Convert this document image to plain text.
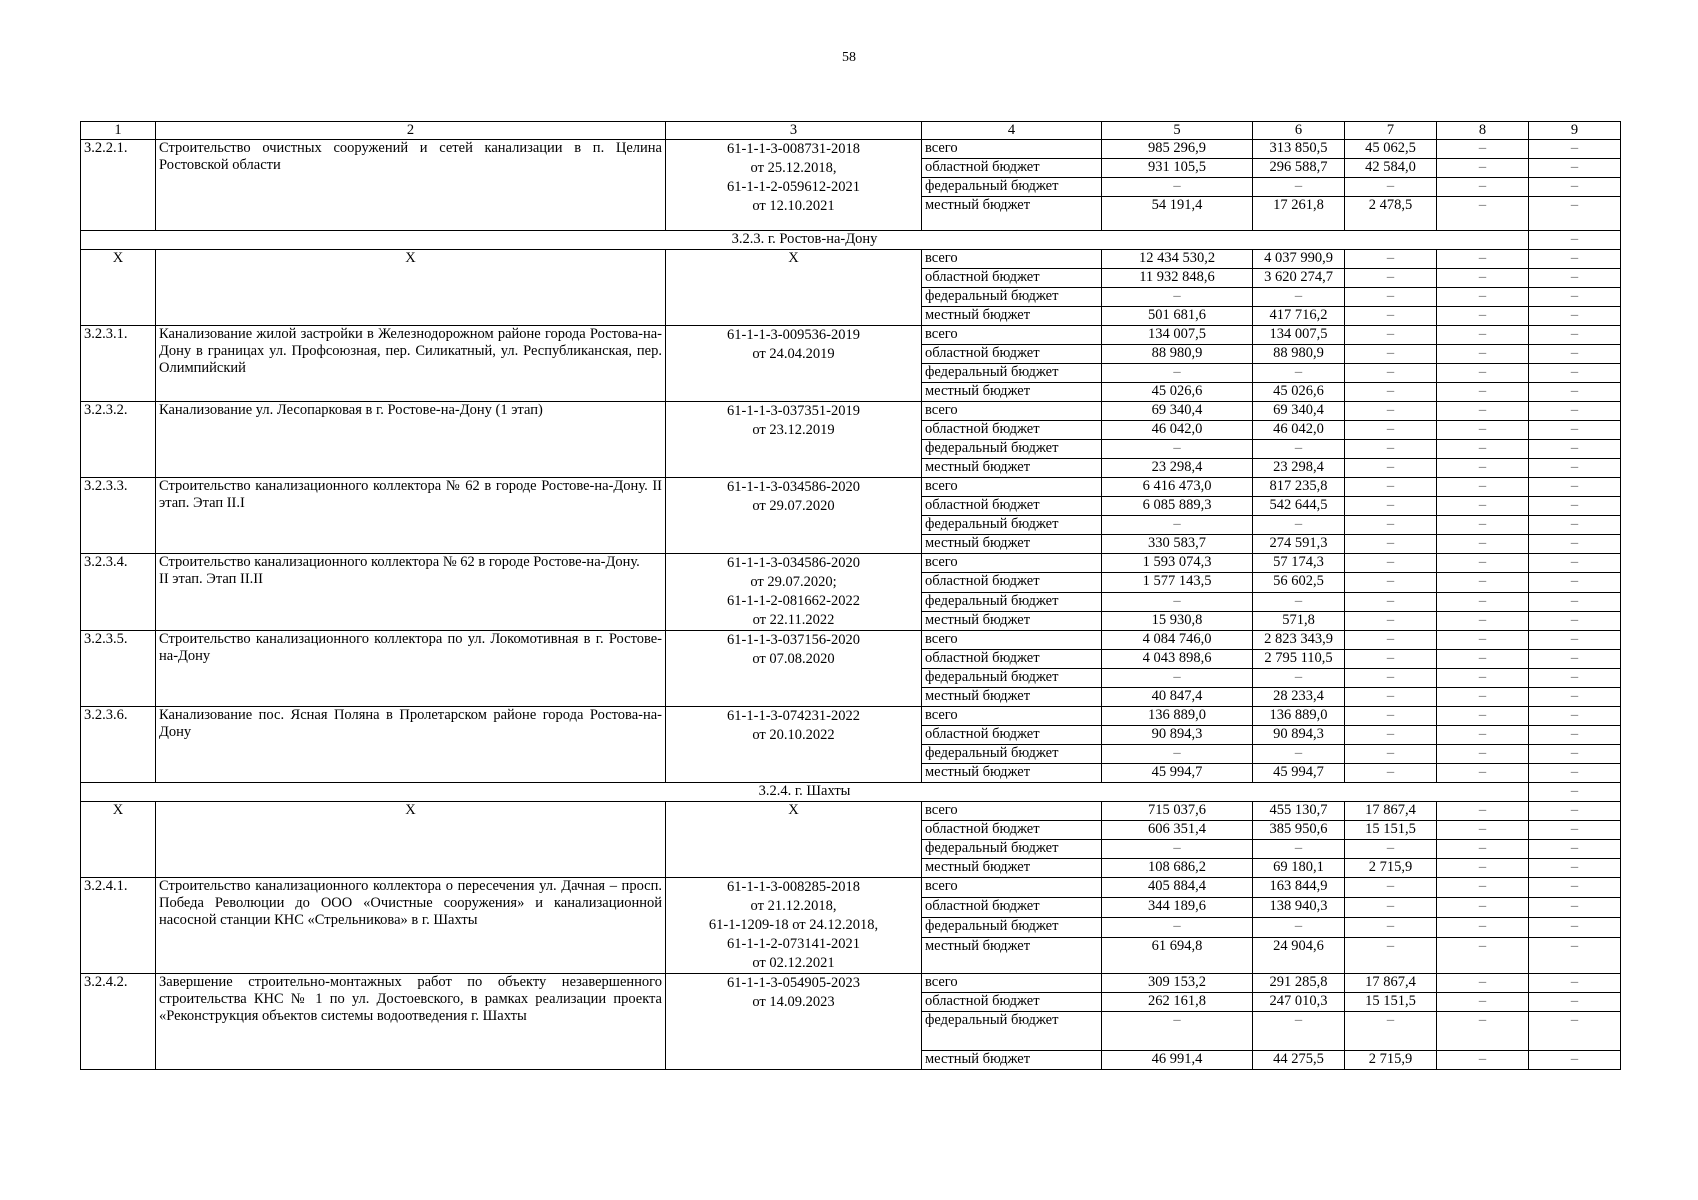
58
1	2	3	4	5	6	7	8	9
3.2.2.1.	Строительство очистных сооружений и сетей канализации в п. Целина Ростовской области	61-1-1-3-008731-2018
от 25.12.2018,
61-1-1-2-059612-2021
от 12.10.2021	всего	985 296,9	313 850,5	45 062,5	–	–
			областной бюджет	931 105,5	296 588,7	42 584,0	–	–
			федеральный бюджет	–	–	–	–	–
			местный бюджет	54 191,4	17 261,8	2 478,5	–	–
3.2.3. г. Ростов-на-Дону								–
Х	Х	Х	всего	12 434 530,2	4 037 990,9	–	–	–
			областной бюджет	11 932 848,6	3 620 274,7	–	–	–
			федеральный бюджет	–	–	–	–	–
			местный бюджет	501 681,6	417 716,2	–	–	–
3.2.3.1.	Канализование жилой застройки в Железнодорожном районе города Ростова-на-Дону в границах ул. Профсоюзная, пер. Силикатный, ул. Республиканская, пер. Олимпийский	61-1-1-3-009536-2019
от 24.04.2019	всего	134 007,5	134 007,5	–	–	–
			областной бюджет	88 980,9	88 980,9	–	–	–
			федеральный бюджет	–	–	–	–	–
			местный бюджет	45 026,6	45 026,6	–	–	–
3.2.3.2.	Канализование ул. Лесопарковая в г. Ростове-на-Дону (1 этап)	61-1-1-3-037351-2019
от 23.12.2019	всего	69 340,4	69 340,4	–	–	–
			областной бюджет	46 042,0	46 042,0	–	–	–
			федеральный бюджет	–	–	–	–	–
			местный бюджет	23 298,4	23 298,4	–	–	–
3.2.3.3.	Строительство канализационного коллектора № 62 в городе Ростове-на-Дону. II этап. Этап II.I	61-1-1-3-034586-2020
от 29.07.2020	всего	6 416 473,0	817 235,8	–	–	–
			областной бюджет	6 085 889,3	542 644,5	–	–	–
			федеральный бюджет	–	–	–	–	–
			местный бюджет	330 583,7	274 591,3	–	–	–
3.2.3.4.	Строительство канализационного коллектора № 62 в городе Ростове-на-Дону.
II этап. Этап II.II	61-1-1-3-034586-2020
от 29.07.2020;
61-1-1-2-081662-2022
от 22.11.2022	всего	1 593 074,3	57 174,3	–	–	–
			областной бюджет	1 577 143,5	56 602,5	–	–	–
			федеральный бюджет	–	–	–	–	–
			местный бюджет	15 930,8	571,8	–	–	–
3.2.3.5.	Строительство канализационного коллектора по ул. Локомотивная в г. Ростове-на-Дону	61-1-1-3-037156-2020
от 07.08.2020	всего	4 084 746,0	2 823 343,9	–	–	–
			областной бюджет	4 043 898,6	2 795 110,5	–	–	–
			федеральный бюджет	–	–	–	–	–
			местный бюджет	40 847,4	28 233,4	–	–	–
3.2.3.6.	Канализование пос. Ясная Поляна в Пролетарском районе города Ростова-на-Дону	61-1-1-3-074231-2022
от 20.10.2022	всего	136 889,0	136 889,0	–	–	–
			областной бюджет	90 894,3	90 894,3	–	–	–
			федеральный бюджет	–	–	–	–	–
			местный бюджет	45 994,7	45 994,7	–	–	–
3.2.4. г. Шахты								–
Х	Х	Х	всего	715 037,6	455 130,7	17 867,4	–	–
			областной бюджет	606 351,4	385 950,6	15 151,5	–	–
			федеральный бюджет	–	–	–	–	–
			местный бюджет	108 686,2	69 180,1	2 715,9	–	–
3.2.4.1.	Строительство канализационного коллектора о пересечения ул. Дачная – просп. Победа Революции до ООО «Очистные сооружения» и канализационной насосной станции КНС «Стрельникова» в г. Шахты	61-1-1-3-008285-2018
от 21.12.2018,
61-1-1209-18 от 24.12.2018,
61-1-1-2-073141-2021
от 02.12.2021	всего	405 884,4	163 844,9	–	–	–
			областной бюджет	344 189,6	138 940,3	–	–	–
			федеральный бюджет	–	–	–	–	–
			местный бюджет	61 694,8	24 904,6	–	–	–
3.2.4.2.	Завершение строительно-монтажных работ по объекту незавершенного строительства КНС № 1 по ул. Достоевского, в рамках реализации проекта «Реконструкция объектов системы водоотведения г. Шахты	61-1-1-3-054905-2023
от 14.09.2023	всего	309 153,2	291 285,8	17 867,4	–	–
			областной бюджет	262 161,8	247 010,3	15 151,5	–	–
			федеральный бюджет	–	–	–	–	–
			местный бюджет	46 991,4	44 275,5	2 715,9	–	–
